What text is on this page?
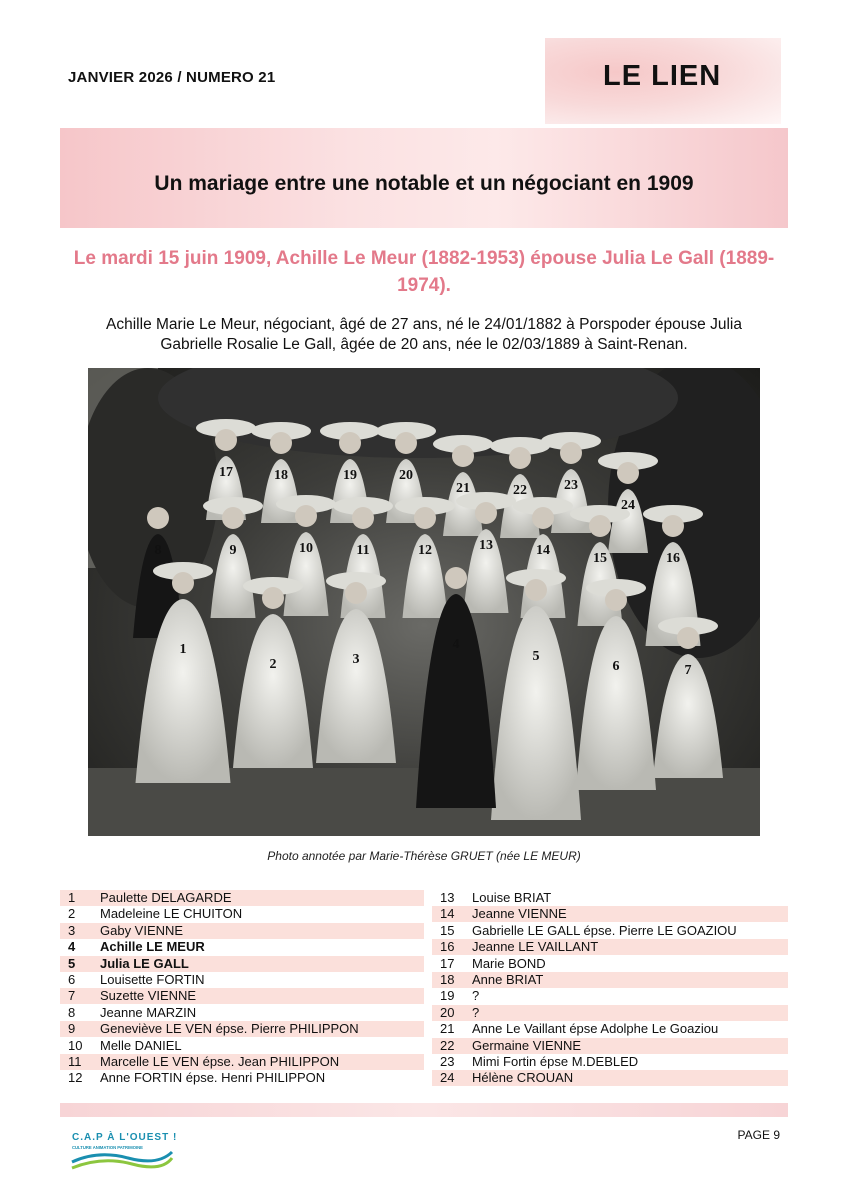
JANVIER 2026 / NUMERO 21	LE LIEN
Un mariage entre une notable et un négociant en 1909
Le mardi 15 juin 1909, Achille Le Meur (1882-1953) épouse Julia Le Gall (1889-1974).
Achille Marie Le Meur, négociant, âgé de 27 ans, né le 24/01/1882 à Porspoder épouse Julia
Gabrielle Rosalie Le Gall, âgée de 20 ans, née le 02/03/1889 à Saint-Renan.
1
2	3
4
5
6	7
8	9	10	11	12	13	14
15	16
17	18	19	20
21	22	23
24
Photo annotée par Marie-Thérèse GRUET (née LE MEUR)
1	Paulette DELAGARDE	13	Louise BRIAT
2	Madeleine LE CHUITON	14	Jeanne VIENNE
3	Gaby VIENNE	15	Gabrielle LE GALL épse. Pierre LE GOAZIOU
4	Achille LE MEUR	16	Jeanne LE VAILLANT
5	Julia LE GALL	17	Marie BOND
6	Louisette FORTIN	18	Anne BRIAT
7	Suzette VIENNE	19	?
8	Jeanne MARZIN	20	?
9	Geneviève LE VEN épse. Pierre PHILIPPON	21	Anne Le Vaillant épse Adolphe Le Goaziou
10	Melle DANIEL	22	Germaine VIENNE
11	Marcelle LE VEN épse. Jean PHILIPPON	23	Mimi Fortin épse M.DEBLED
12	Anne FORTIN épse. Henri PHILIPPON	24	Hélène CROUAN
C.A.P À L'OUEST !
CULTURE ANIMATION PATRIMOINE
PAGE 9
